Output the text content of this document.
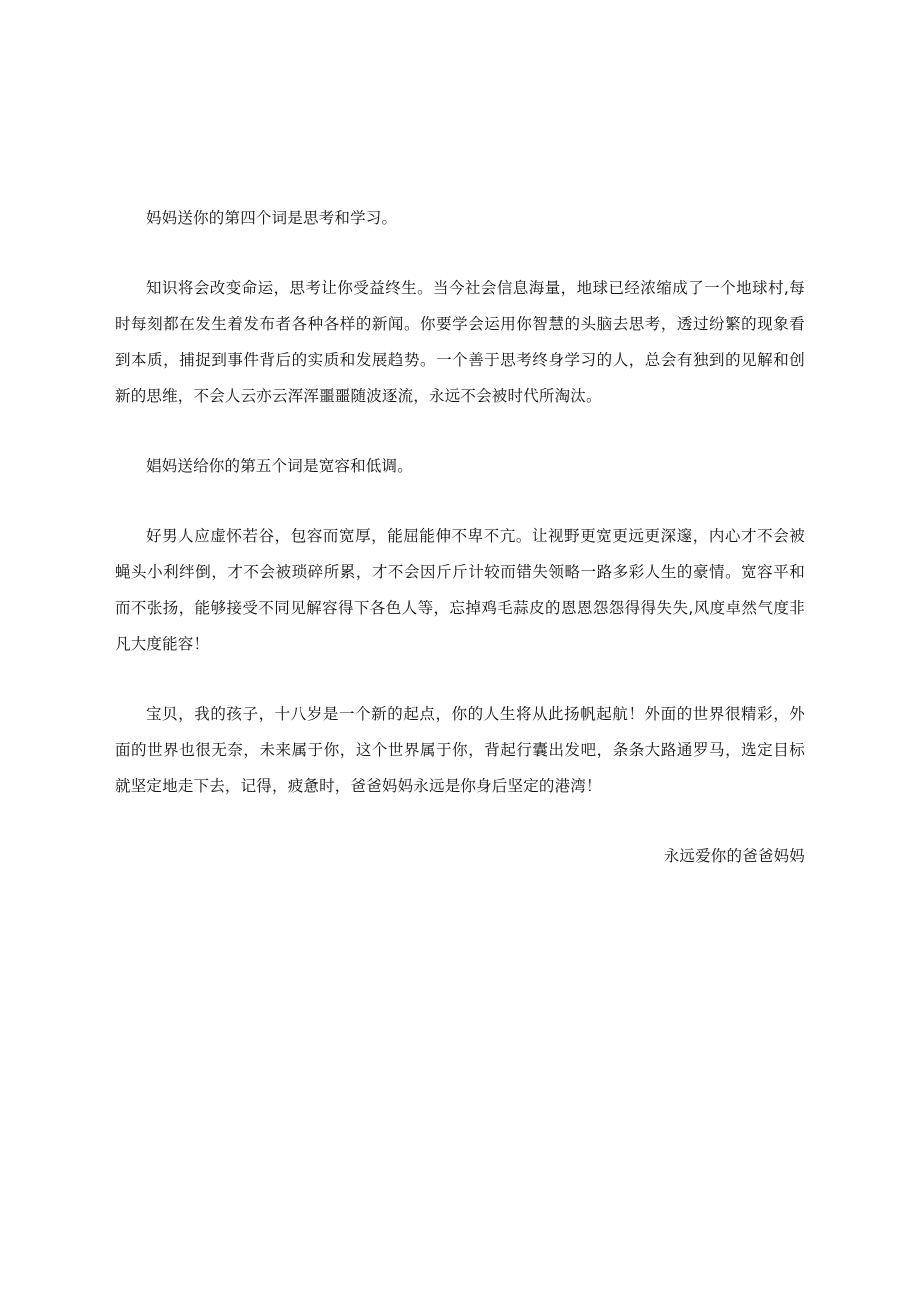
妈妈送你的第四个词是思考和学习。

知识将会改变命运，思考让你受益终生。当今社会信息海量，地球已经浓缩成了一个地球村,每时每刻都在发生着发布者各种各样的新闻。你要学会运用你智慧的头脑去思考，透过纷繁的现象看到本质，捕捉到事件背后的实质和发展趋势。一个善于思考终身学习的人，总会有独到的见解和创新的思维，不会人云亦云浑浑噩噩随波逐流，永远不会被时代所淘汰。

娼妈送给你的第五个词是宽容和低调。

好男人应虚怀若谷，包容而宽厚，能屈能伸不卑不亢。让视野更宽更远更深邃，内心才不会被蝇头小利绊倒，才不会被琐碎所累，才不会因斤斤计较而错失领略一路多彩人生的豪情。宽容平和而不张扬，能够接受不同见解容得下各色人等，忘掉鸡毛蒜皮的恩恩怨怨得得失失,风度卓然气度非凡大度能容！

宝贝，我的孩子，十八岁是一个新的起点，你的人生将从此扬帆起航！外面的世界很精彩，外面的世界也很无奈，未来属于你，这个世界属于你，背起行囊出发吧，条条大路通罗马，选定目标就坚定地走下去，记得，疲惫时，爸爸妈妈永远是你身后坚定的港湾！

永远爱你的爸爸妈妈
